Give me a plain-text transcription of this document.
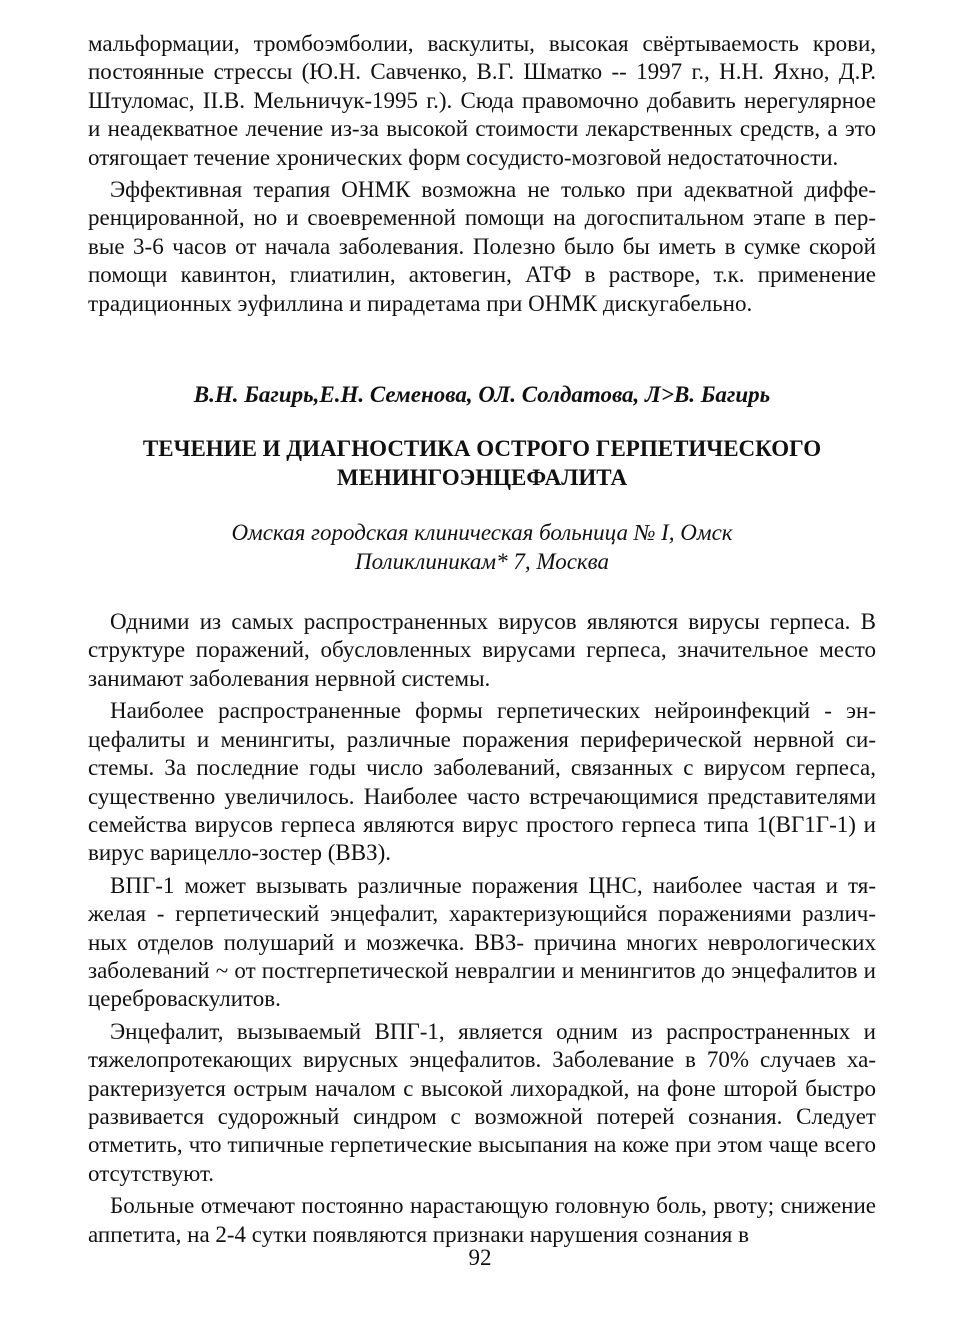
мальформации, тромбоэмболии, васкулиты, высокая свёртываемость крови, постоянные стрессы (Ю.Н. Савченко, В.Г. Шматко -- 1997 г., Н.Н. Яхно, Д.Р. Штуломас, II.В. Мельничук-1995 г.). Сюда правомочно добавить нерегулярное и неадекватное лечение из-за высокой стоимости лекарственных средств, а это отягощает течение хронических форм сосудисто-мозговой недостаточности.

Эффективная терапия ОНМК возможна не только при адекватной дифференцированной, но и своевременной помощи на догоспитальном этапе в первые 3-6 часов от начала заболевания. Полезно было бы иметь в сумке скорой помощи кавинтон, глиатилин, актовегин, АТФ в растворе, т.к. применение традиционных эуфиллина и пирадетама при ОНМК дискугабельно.

В.Н. Багирь,Е.Н. Семенова, ОЛ. Солдатова, Л>В. Багирь
ТЕЧЕНИЕ И ДИАГНОСТИКА ОСТРОГО ГЕРПЕТИЧЕСКОГО
МЕНИНГОЭНЦЕФАЛИТА
Омская городская клиническая больница № I, Омск
Поликлиникам* 7, Москва

Одними из самых распространенных вирусов являются вирусы герпеса. В структуре поражений, обусловленных вирусами герпеса, значительное место занимают заболевания нервной системы.

Наиболее распространенные формы герпетических нейроинфекций - энцефалиты и менингиты, различные поражения периферической нервной системы. За последние годы число заболеваний, связанных с вирусом герпеса, существенно увеличилось. Наиболее часто встречающимися представителями семейства вирусов герпеса являются вирус простого герпеса типа 1(ВГ1Г-1) и вирус варицелло-зостер (ВВЗ).

ВПГ-1 может вызывать различные поражения ЦНС, наиболее частая и тяжелая - герпетический энцефалит, характеризующийся поражениями различных отделов полушарий и мозжечка. ВВЗ- причина многих неврологических заболеваний ~ от постгерпетической невралгии и менингитов до энцефалитов и цереброваскулитов.

Энцефалит, вызываемый ВПГ-1, является одним из распространенных и тяжелопротекающих вирусных энцефалитов. Заболевание в 70% случаев характеризуется острым началом с высокой лихорадкой, на фоне шторой быстро развивается судорожный синдром с возможной потерей сознания. Следует отметить, что типичные герпетические высыпания на коже при этом чаще всего отсутствуют.

Больные отмечают постоянно нарастающую головную боль, рвоту; снижение аппетита, на 2-4 сутки появляются признаки нарушения сознания в

92
